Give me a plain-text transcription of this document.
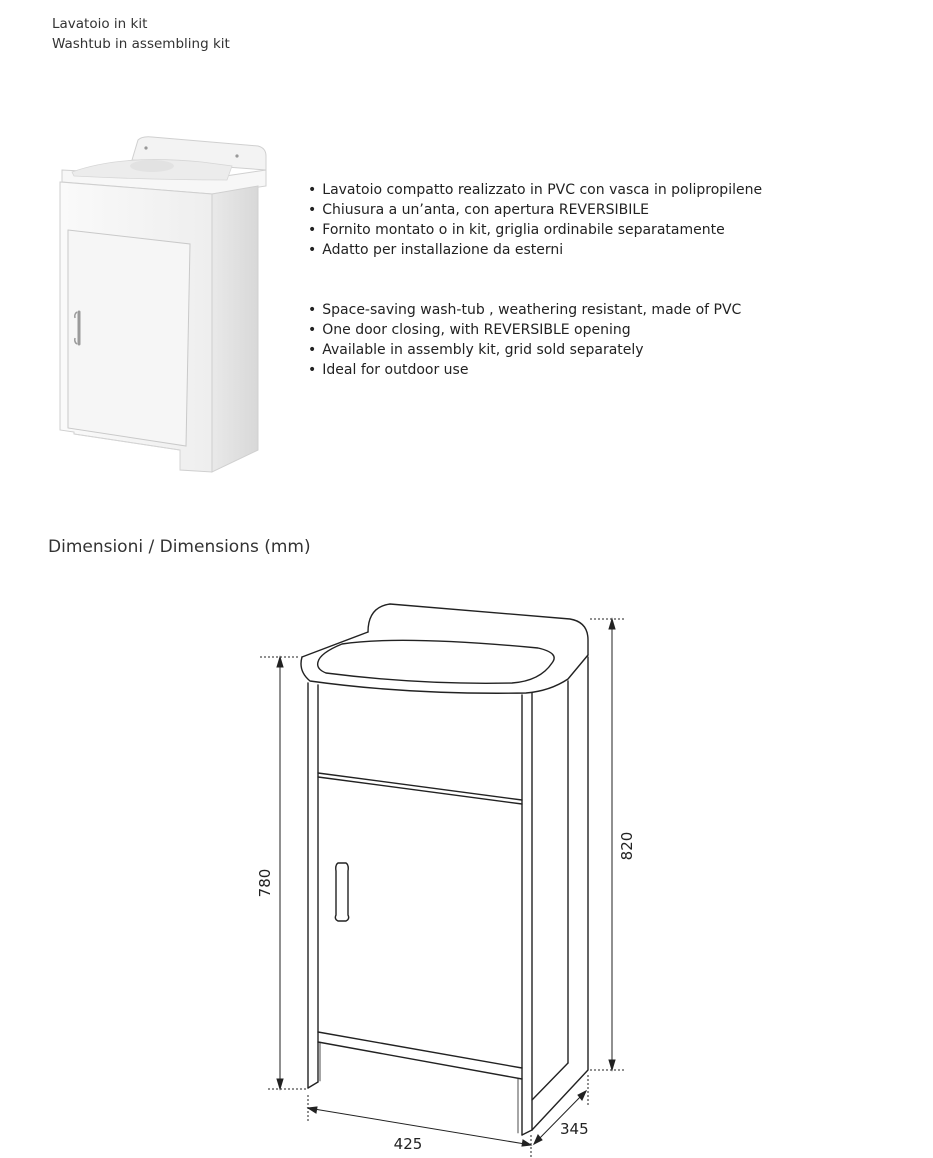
Lavatoio in kit
Washtub in assembling kit
• Lavatoio compatto realizzato in PVC con vasca in polipropilene
• Chiusura a un’anta, con apertura REVERSIBILE
• Fornito montato o in kit, griglia ordinabile separatamente
• Adatto per installazione da esterni
• Space-saving wash-tub , weathering resistant, made of PVC
• One door closing, with REVERSIBLE opening
• Available in assembly kit, grid sold separately
• Ideal for outdoor use
Dimensioni / Dimensions (mm)
780
820
425
345
